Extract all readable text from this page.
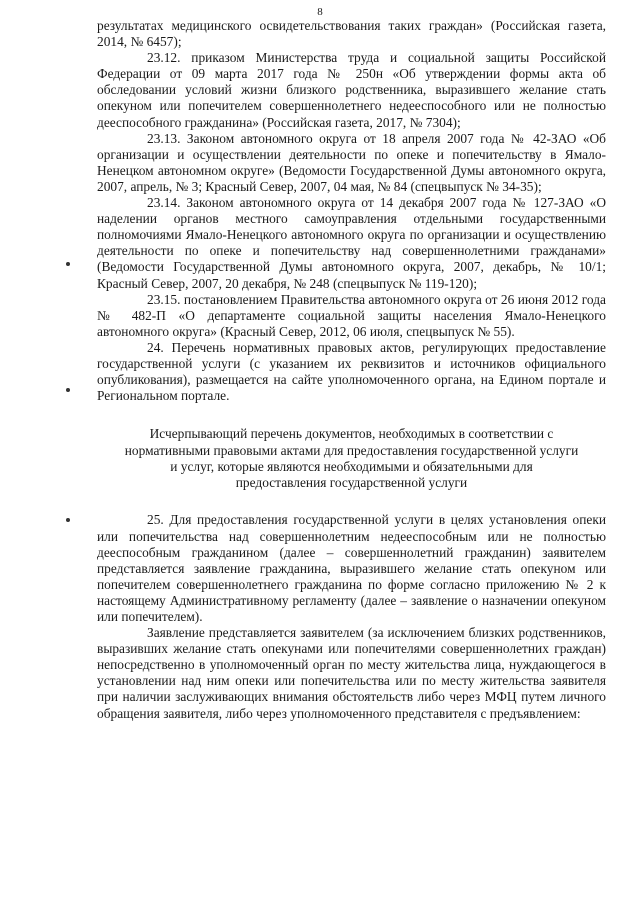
8

результатах медицинского освидетельствования таких граждан» (Российская газета, 2014, № 6457);

23.12. приказом Министерства труда и социальной защиты Российской Федерации от 09 марта 2017 года № 250н «Об утверждении формы акта об обследовании условий жизни близкого родственника, выразившего желание стать опекуном или попечителем совершеннолетнего недееспособного или не полностью дееспособного гражданина» (Российская газета, 2017, № 7304);

23.13. Законом автономного округа от 18 апреля 2007 года № 42-ЗАО «Об организации и осуществлении деятельности по опеке и попечительству в Ямало-Ненецком автономном округе» (Ведомости Государственной Думы автономного округа, 2007, апрель, № 3; Красный Север, 2007, 04 мая, № 84 (спецвыпуск № 34-35);

23.14. Законом автономного округа от 14 декабря 2007 года № 127-ЗАО «О наделении органов местного самоуправления отдельными государственными полномочиями Ямало-Ненецкого автономного округа по организации и осуществлению деятельности по опеке и попечительству над совершеннолетними гражданами» (Ведомости Государственной Думы автономного округа, 2007, декабрь, № 10/1; Красный Север, 2007, 20 декабря, № 248 (спецвыпуск № 119-120);

23.15. постановлением Правительства автономного округа от 26 июня 2012 года № 482-П «О департаменте социальной защиты населения Ямало-Ненецкого автономного округа» (Красный Север, 2012, 06 июля, спецвыпуск № 55).

24. Перечень нормативных правовых актов, регулирующих предоставление государственной услуги (с указанием их реквизитов и источников официального опубликования), размещается на сайте уполномоченного органа, на Едином портале и Региональном портале.

Исчерпывающий перечень документов, необходимых в соответствии с
нормативными правовыми актами для предоставления государственной услуги
и услуг, которые являются необходимыми и обязательными для
предоставления государственной услуги

25. Для предоставления государственной услуги в целях установления опеки или попечительства над совершеннолетним недееспособным или не полностью дееспособным гражданином (далее – совершеннолетний гражданин) заявителем представляется заявление гражданина, выразившего желание стать опекуном или попечителем совершеннолетнего гражданина по форме согласно приложению № 2 к настоящему Административному регламенту (далее – заявление о назначении опекуном или попечителем).

Заявление представляется заявителем (за исключением близких родственников, выразивших желание стать опекунами или попечителями совершеннолетних граждан) непосредственно в уполномоченный орган по месту жительства лица, нуждающегося в установлении над ним опеки или попечительства или по месту жительства заявителя при наличии заслуживающих внимания обстоятельств либо через МФЦ путем личного обращения заявителя, либо через уполномоченного представителя с предъявлением:
